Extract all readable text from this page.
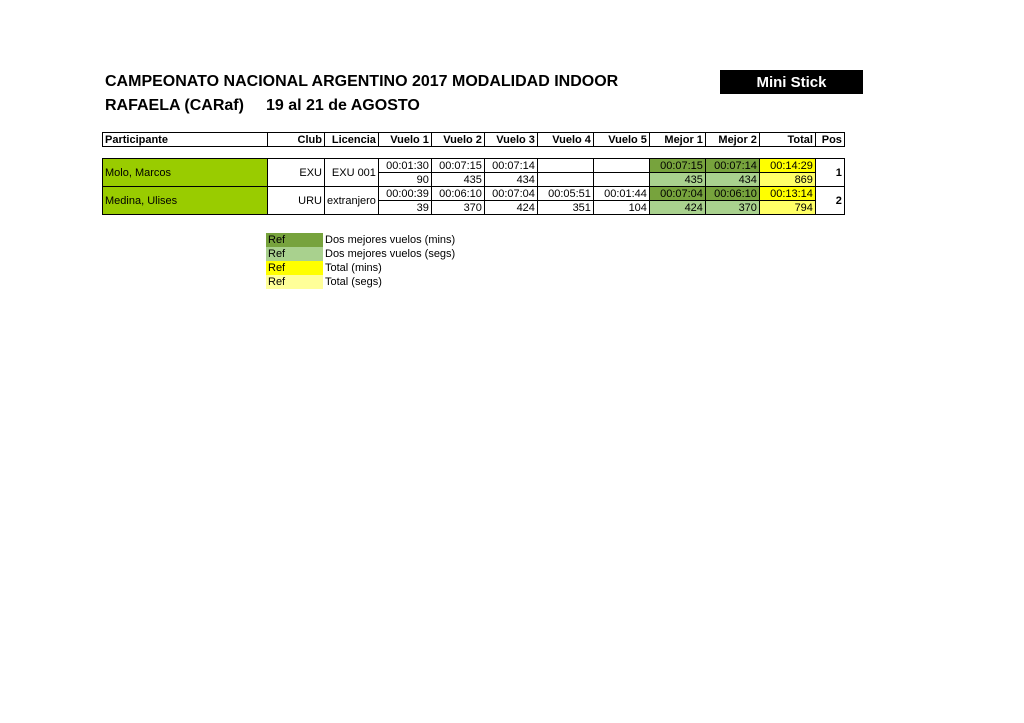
CAMPEONATO NACIONAL ARGENTINO 2017 MODALIDAD INDOOR
RAFAELA (CARaf) 19 al 21 de AGOSTO
Mini Stick
Participante	Club	Licencia	Vuelo 1	Vuelo 2	Vuelo 3	Vuelo 4	Vuelo 5	Mejor 1	Mejor 2	Total	Pos

Molo, Marcos	EXU	EXU 001	00:01:30	00:07:15	00:07:14			00:07:15	00:07:14	00:14:29	1
			90	435	434			435	434	869	
Medina, Ulises	URU	extranjero	00:00:39	00:06:10	00:07:04	00:05:51	00:01:44	00:07:04	00:06:10	00:13:14	2
			39	370	424	351	104	424	370	794	
Ref	Dos mejores vuelos (mins)
Ref	Dos mejores vuelos (segs)
Ref	Total (mins)
Ref	Total (segs)
